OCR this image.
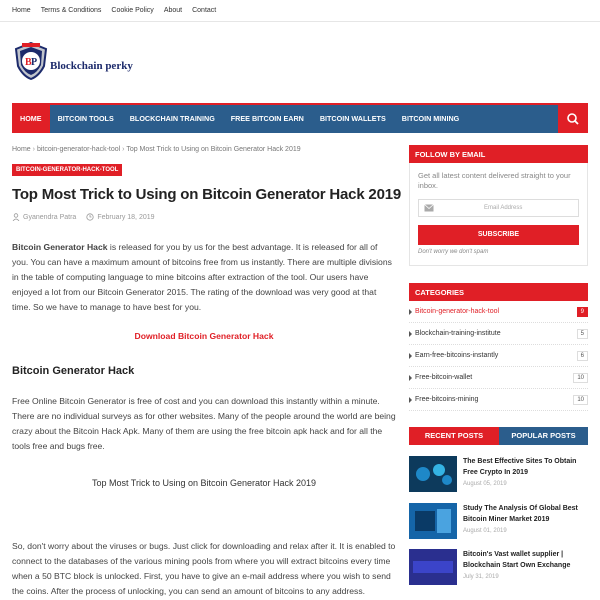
Home Terms & Conditions Cookie Policy About Contact
B P Blockchain perky
HOME	BITCOIN TOOLS	BLOCKCHAIN TRAINING	FREE BITCOIN EARN	BITCOIN WALLETS	BITCOIN MINING
Home › bitcoin-generator-hack-tool › Top Most Trick to Using on Bitcoin Generator Hack 2019
BITCOIN-GENERATOR-HACK-TOOL
Top Most Trick to Using on Bitcoin Generator Hack 2019
Gyanendra Patra	February 18, 2019

Bitcoin Generator Hack is released for you by us for the best advantage. It is released for all of you. You can have a maximum amount of bitcoins free from us instantly. There are multiple divisions in the table of computing language to mine bitcoins after extraction of the tool. Our users have enjoyed a lot from our Bitcoin Generator 2015. The rating of the download was very good at that time. So we have to manage to have best for you.

Download Bitcoin Generator Hack
Bitcoin Generator Hack

Free Online Bitcoin Generator is free of cost and you can download this instantly within a minute. There are no individual surveys as for other websites. Many of the people around the world are being crazy about the Bitcoin Hack Apk. Many of them are using the free bitcoin apk hack and for all the tools free and bugs free.

Top Most Trick to Using on Bitcoin Generator Hack 2019

So, don't worry about the viruses or bugs. Just click for downloading and relax after it. It is enabled to connect to the databases of the various mining pools from where you will extract bitcoins every time when a 50 BTC block is unlocked. First, you have to give an e-mail address where you wish to send the coins. After the process of unlocking, you can send an amount of bitcoins to any address.

FOLLOW BY EMAIL
Get all latest content delivered straight to your inbox.
Email Address
SUBSCRIBE
Don't worry we don't spam
CATEGORIES
Bitcoin-generator-hack-tool	9
Blockchain-training-institute	5
Earn-free-bitcoins-instantly	6
Free-bitcoin-wallet	10
Free-bitcoins-mining	10
RECENT POSTS	POPULAR POSTS
The Best Effective Sites To Obtain Free Crypto In 2019
August 05, 2019
Study The Analysis Of Global Best Bitcoin Miner Market 2019
August 01, 2019
Bitcoin's Vast wallet supplier | Blockchain Start Own Exchange
July 31, 2019
